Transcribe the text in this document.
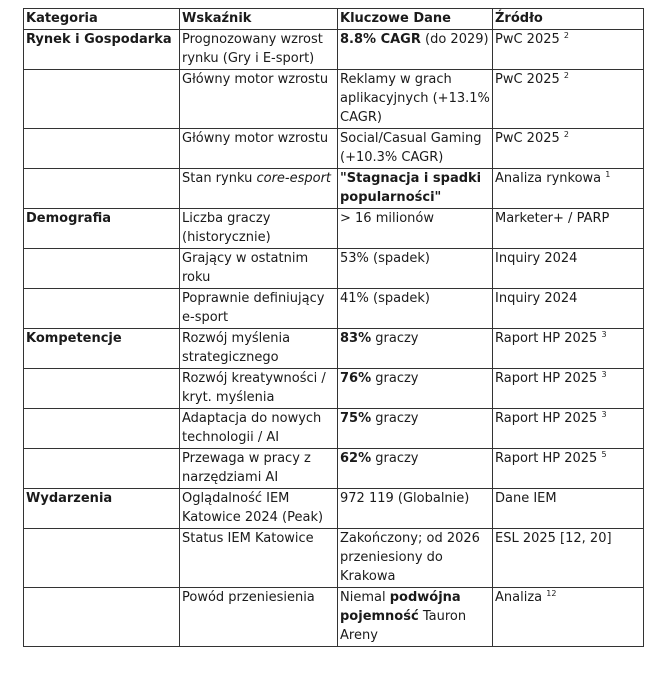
Kategoria	Wskaźnik	Kluczowe Dane	Źródło
Rynek i Gospodarka	Prognozowany wzrost rynku (Gry i E-sport)	8.8% CAGR (do 2029)	PwC 2025 $^2$
	Główny motor wzrostu	Reklamy w grach aplikacyjnych (+13.1% CAGR)	PwC 2025 $^2$
	Główny motor wzrostu	Social/Casual Gaming (+10.3% CAGR)	PwC 2025 $^2$
	Stan rynku core-esport	"Stagnacja i spadki popularności"	Analiza rynkowa $^1$
Demografia	Liczba graczy (historycznie)	> 16 milionów	Marketer+ / PARP
	Grający w ostatnim roku	53% (spadek)	Inquiry 2024
	Poprawnie definiujący e-sport	41% (spadek)	Inquiry 2024
Kompetencje	Rozwój myślenia strategicznego	83% graczy	Raport HP 2025 $^3$
	Rozwój kreatywności / kryt. myślenia	76% graczy	Raport HP 2025 $^3$
	Adaptacja do nowych technologii / AI	75% graczy	Raport HP 2025 $^3$
	Przewaga w pracy z narzędziami AI	62% graczy	Raport HP 2025 $^5$
Wydarzenia	Oglądalność IEM Katowice 2024 (Peak)	972 119 (Globalnie)	Dane IEM
	Status IEM Katowice	Zakończony; od 2026 przeniesiony do Krakowa	ESL 2025 [12, 20]
	Powód przeniesienia	Niemal podwójna pojemność Tauron Areny	Analiza $^{12}$
